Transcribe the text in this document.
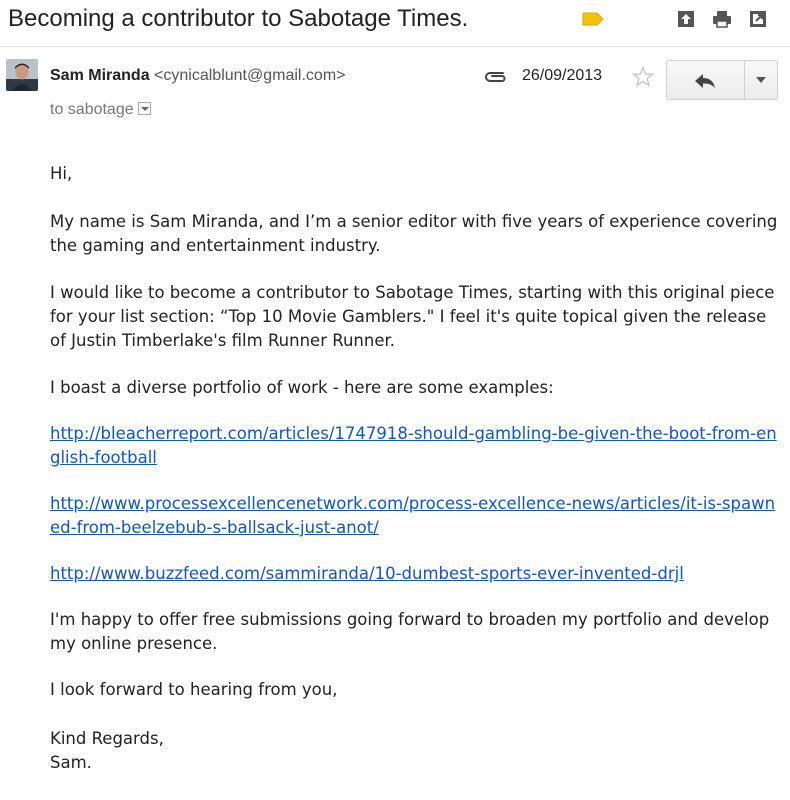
Becoming a contributor to Sabotage Times.
Sam Miranda <cynicalblunt@gmail.com>	26/09/2013
to sabotage

Hi,

My name is Sam Miranda, and I’m a senior editor with five years of experience covering the gaming and entertainment industry.

I would like to become a contributor to Sabotage Times, starting with this original piece for your list section: “Top 10 Movie Gamblers." I feel it's quite topical given the release of Justin Timberlake's film Runner Runner.

I boast a diverse portfolio of work - here are some examples:

http://bleacherreport.com/articles/1747918-should-gambling-be-given-the-boot-from-english-football

http://www.processexcellencenetwork.com/process-excellence-news/articles/it-is-spawned-from-beelzebub-s-ballsack-just-anot/

http://www.buzzfeed.com/sammiranda/10-dumbest-sports-ever-invented-drjl

I'm happy to offer free submissions going forward to broaden my portfolio and develop my online presence.

I look forward to hearing from you,

Kind Regards,

Sam.
